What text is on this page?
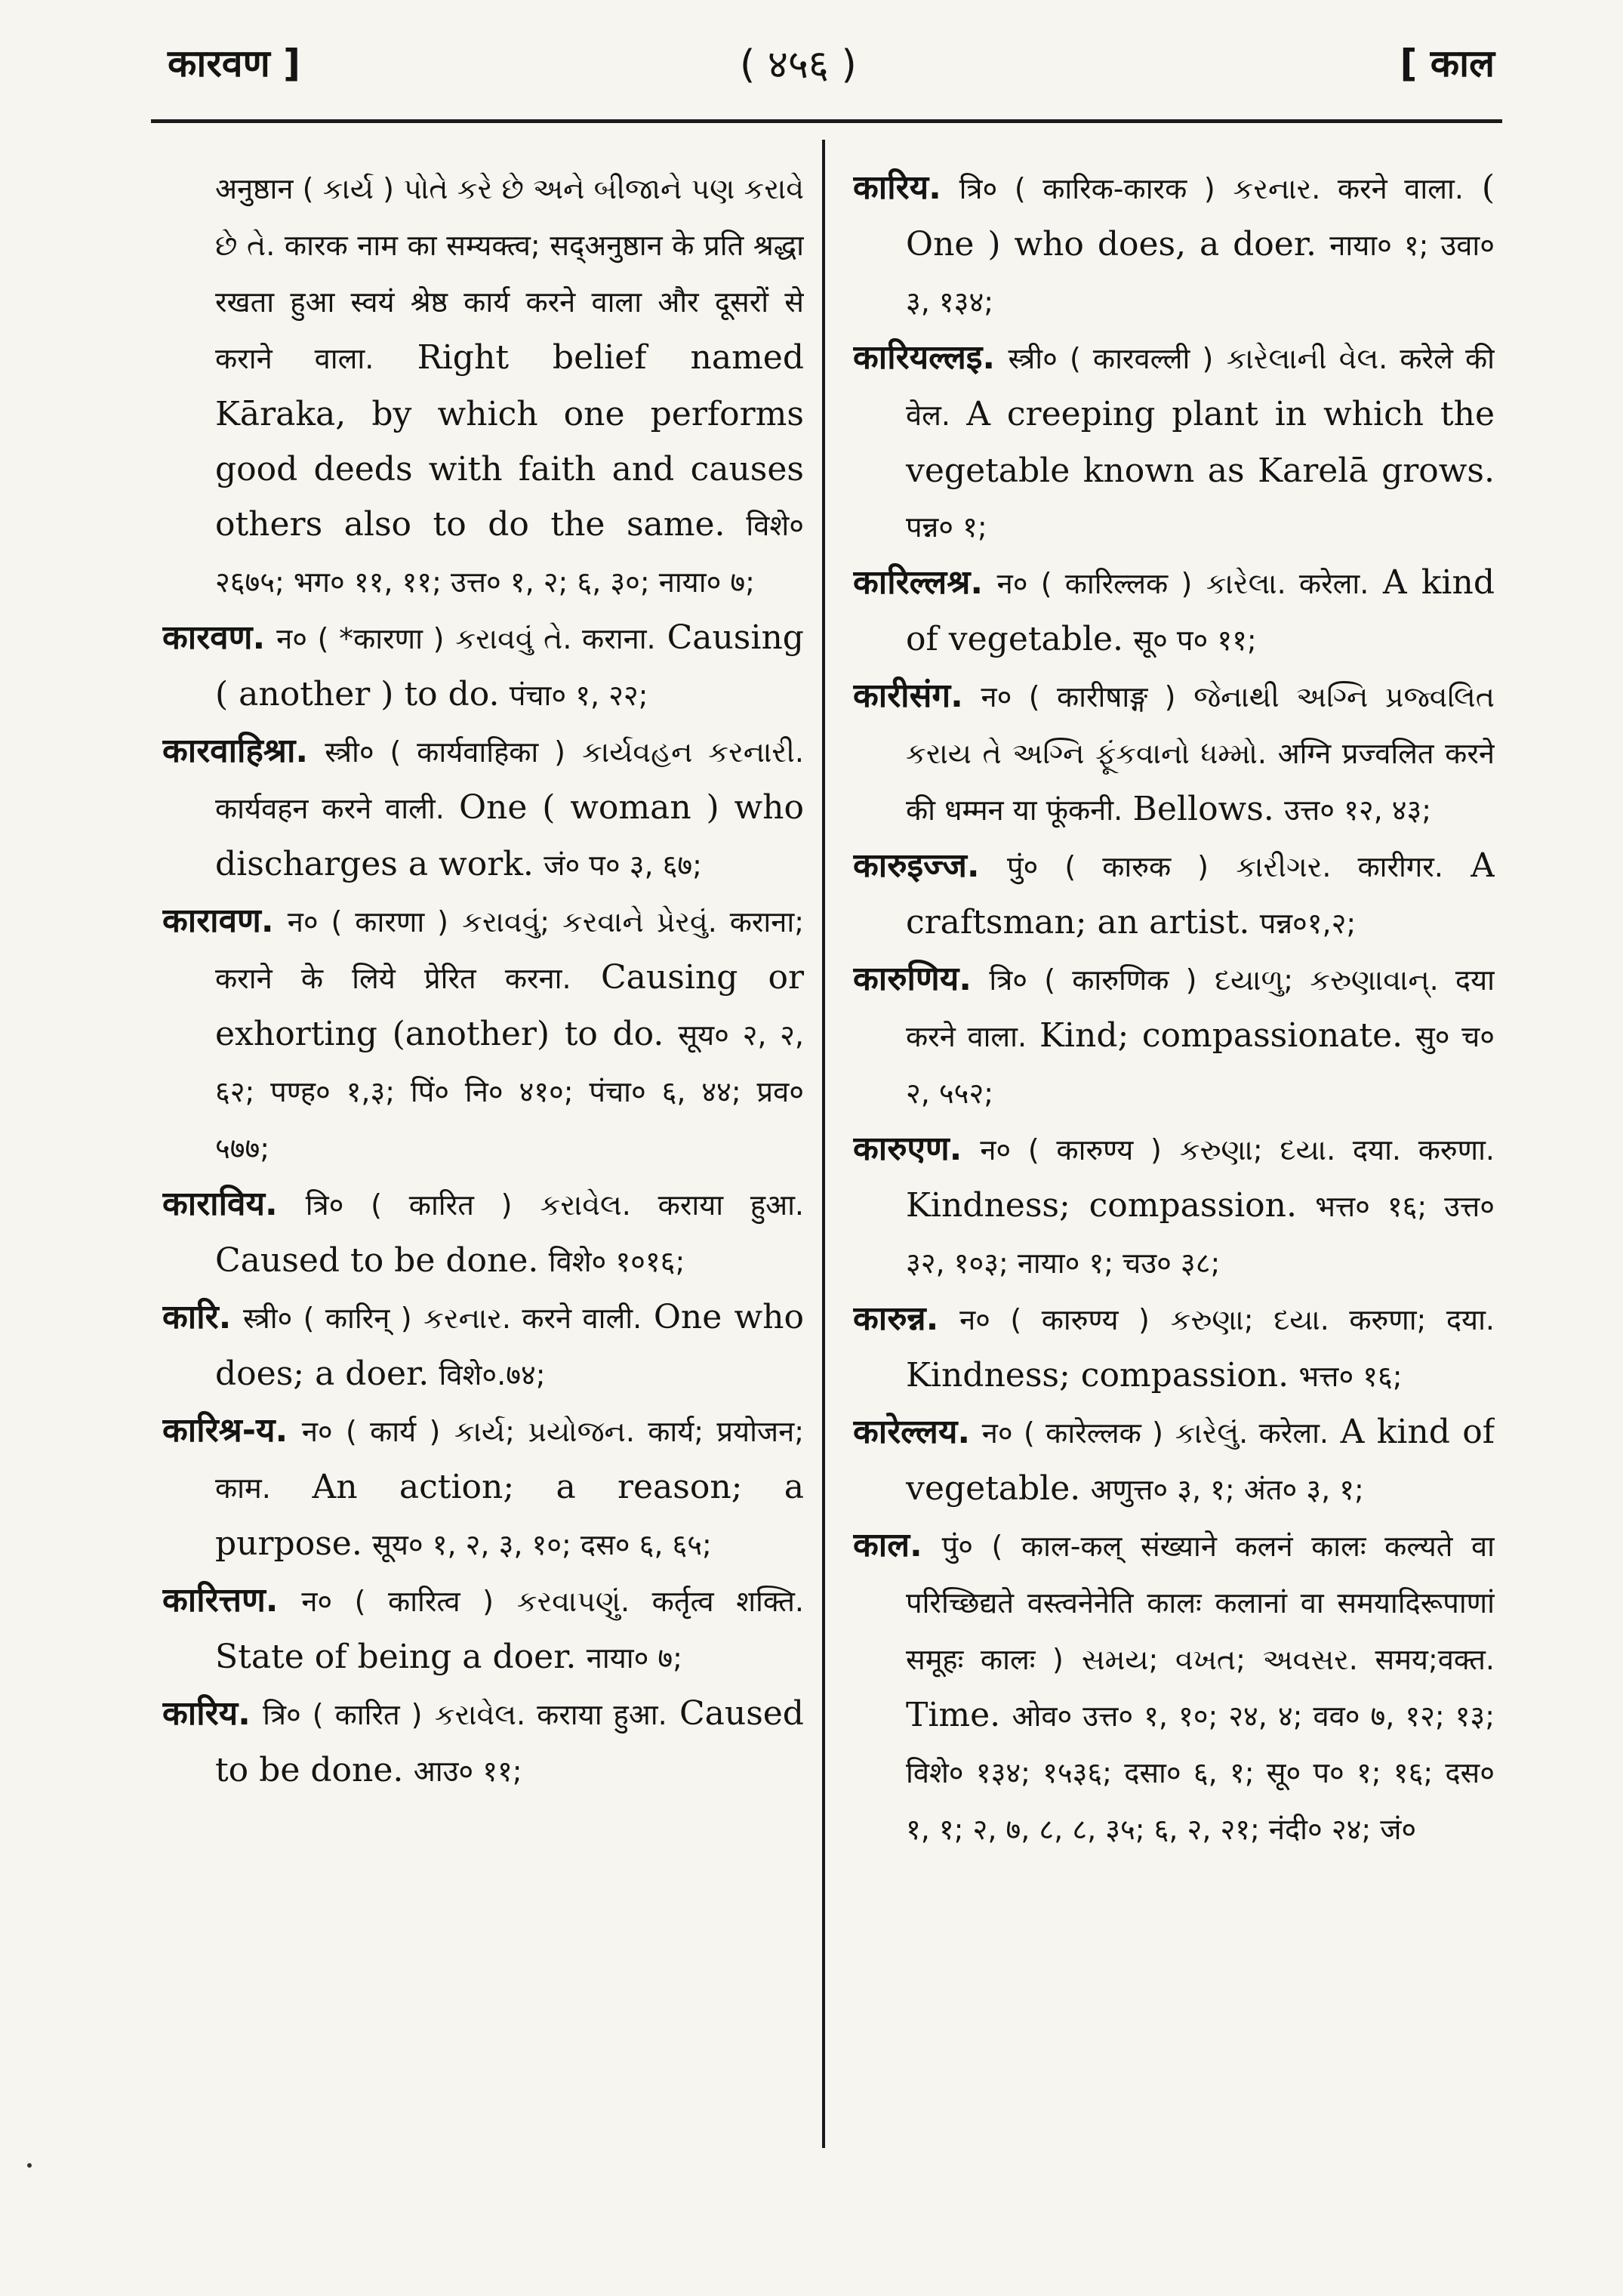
कारवण ]	( ४५६ )	[ काल

अनुष्ठान ( કાર્ય ) પોતે કરે છે અને બીજાને પણ કરાવે છે તે. कारक नाम का सम्यक्त्व; सद्अनुष्ठान के प्रति श्रद्धा रखता हुआ स्वयं श्रेष्ठ कार्य करने वाला और दूसरों से कराने वाला. Right belief named Kāraka, by which one performs good deeds with faith and causes others also to do the same. विशे० २६७५; भग० ११, ११; उत्त० १, २; ६, ३०; नाया० ७;

कारवण. न० ( *कारणा ) કરાવવું તે. कराना. Causing ( another ) to do. पंचा० १, २२;

कारवाहिश्रा. स्त्री० ( कार्यवाहिका ) કાર્યવહન કરનારી. कार्यवहन करने वाली. One ( woman ) who discharges a work. जं० प० ३, ६७;

कारावण. न० ( कारणा ) કરાવવું; કરવાને પ્રેરવું. कराना; कराने के लिये प्रेरित करना. Causing or exhorting (another) to do. सूय० २, २, ६२; पण्ह० १,३; पिं० नि० ४१०; पंचा० ६, ४४; प्रव० ५७७;

काराविय. त्रि० ( कारित ) કરાવેલ. कराया हुआ. Caused to be done. विशे० १०१६;

कारि. स्त्री० ( कारिन् ) કરનાર. करने वाली. One who does; a doer. विशे०.७४;

कारिश्र-य. न० ( कार्य ) કાર્ય; પ્રયોજન. कार्य; प्रयोजन; काम. An action; a reason; a purpose. सूय० १, २, ३, १०; दस० ६, ६५;

कारित्तण. न० ( कारित्व ) કરવાપણું. कर्तृत्व शक्ति. State of being a doer. नाया० ७;

कारिय. त्रि० ( कारित ) કરાવેલ. कराया हुआ. Caused to be done. आउ० ११;

कारिय. त्रि० ( कारिक-कारक ) કરનાર. करने वाला. ( One ) who does, a doer. नाया० १; उवा० ३, १३४;

कारियल्लइ. स्त्री० ( कारवल्ली ) કારેલાની વેલ. करेले की वेल. A creeping plant in which the vegetable known as Karelā grows. पन्न० १;

कारिल्लश्र. न० ( कारिल्लक ) કારેલા. करेला. A kind of vegetable. सू० प० ११;

कारीसंग. न० ( कारीषाङ्ग ) જેનાથી અગ્નિ પ્રજ્વલિત કરાય તે અગ્નિ ફૂંકવાનો ધમ્મો. अग्नि प्रज्वलित करने की धम्मन या फूंकनी. Bellows. उत्त० १२, ४३;

कारुइज्ज. पुं० ( कारुक ) કારીગર. कारीगर. A craftsman; an artist. पन्न०१,२;

कारुणिय. त्रि० ( कारुणिक ) દયાળુ; કરુણાવાન્. दया करने वाला. Kind; compassionate. सु० च० २, ५५२;

कारुएण. न० ( कारुण्य ) કરુણા; દયા. दया. करुणा. Kindness; compassion. भत्त० १६; उत्त० ३२, १०३; नाया० १; चउ० ३८;

कारुन्न. न० ( कारुण्य ) કરુણા; દયા. करुणा; दया. Kindness; compassion. भत्त० १६;

कारेल्लय. न० ( कारेल्लक ) કારેલું. करेला. A kind of vegetable. अणुत्त० ३, १; अंत० ३, १;

काल. पुं० ( काल-कल् संख्याने कलनं कालः कल्यते वा परिच्छिद्यते वस्त्वनेनेति कालः कलानां वा समयादिरूपाणां समूहः कालः ) સમય; વખત; અવસર. समय;वक्त. Time. ओव० उत्त० १, १०; २४, ४; वव० ७, १२; १३; विशे० १३४; १५३६; दसा० ६, १; सू० प० १; १६; दस० १, १; २, ७, ८, ८, ३५; ६, २, २१; नंदी० २४; जं०
